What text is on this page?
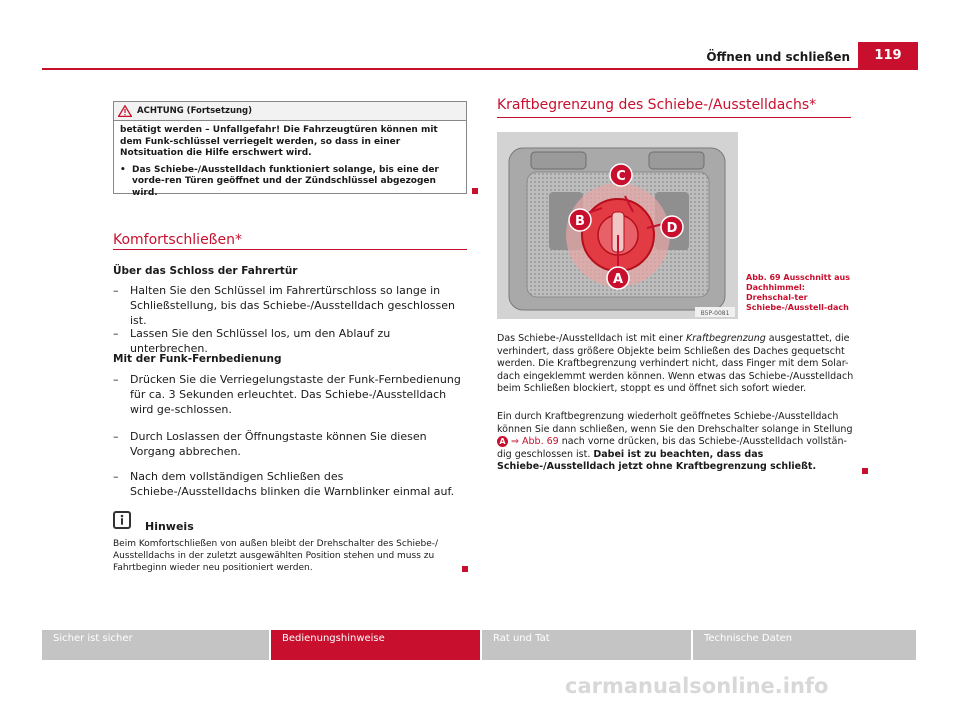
Öffnen und schließen	119
ACHTUNG (Fortsetzung)

betätigt werden – Unfallgefahr! Die Fahrzeugtüren können mit dem Funk-schlüssel verriegelt werden, so dass in einer Notsituation die Hilfe erschwert wird.

• Das Schiebe-/Ausstelldach funktioniert solange, bis eine der vorde-ren Türen geöffnet und der Zündschlüssel abgezogen wird.

Komfortschließen*
Über das Schloss der Fahrertür
–	Halten Sie den Schlüssel im Fahrertürschloss so lange in Schließstellung, bis das Schiebe-/Ausstelldach geschlossen ist.
–	Lassen Sie den Schlüssel los, um den Ablauf zu unterbrechen.
Mit der Funk-Fernbedienung
–	Drücken Sie die Verriegelungstaste der Funk-Fernbedienung für ca. 3 Sekunden erleuchtet. Das Schiebe-/Ausstelldach wird ge-schlossen.
–	Durch Loslassen der Öffnungstaste können Sie diesen Vorgang abbrechen.
–	Nach dem vollständigen Schließen des Schiebe-/Ausstelldachs blinken die Warnblinker einmal auf.
Hinweis
Beim Komfortschließen von außen bleibt der Drehschalter des Schiebe-/ Ausstelldachs in der zuletzt ausgewählten Position stehen und muss zu Fahrtbeginn wieder neu positioniert werden.
Kraftbegrenzung des Schiebe-/Ausstelldachs*
C
B	D
A
B5P-0081
Abb. 69 Ausschnitt aus Dachhimmel: Drehschal-ter Schiebe-/Ausstell-dach
Das Schiebe-/Ausstelldach ist mit einer Kraftbegrenzung ausgestattet, die verhindert, dass größere Objekte beim Schließen des Daches gequetscht werden. Die Kraftbegrenzung verhindert nicht, dass Finger mit dem Solar-dach eingeklemmt werden können. Wenn etwas das Schiebe-/Ausstelldach beim Schließen blockiert, stoppt es und öffnet sich sofort wieder.
Ein durch Kraftbegrenzung wiederholt geöffnetes Schiebe-/Ausstelldach können Sie dann schließen, wenn Sie den Drehschalter solange in Stellung A ⇒ Abb. 69 nach vorne drücken, bis das Schiebe-/Ausstelldach vollstän-dig geschlossen ist. Dabei ist zu beachten, dass das Schiebe-/Ausstelldach jetzt ohne Kraftbegrenzung schließt.
Sicher ist sicher	Bedienungshinweise	Rat und Tat	Technische Daten
carmanualsonline.info
